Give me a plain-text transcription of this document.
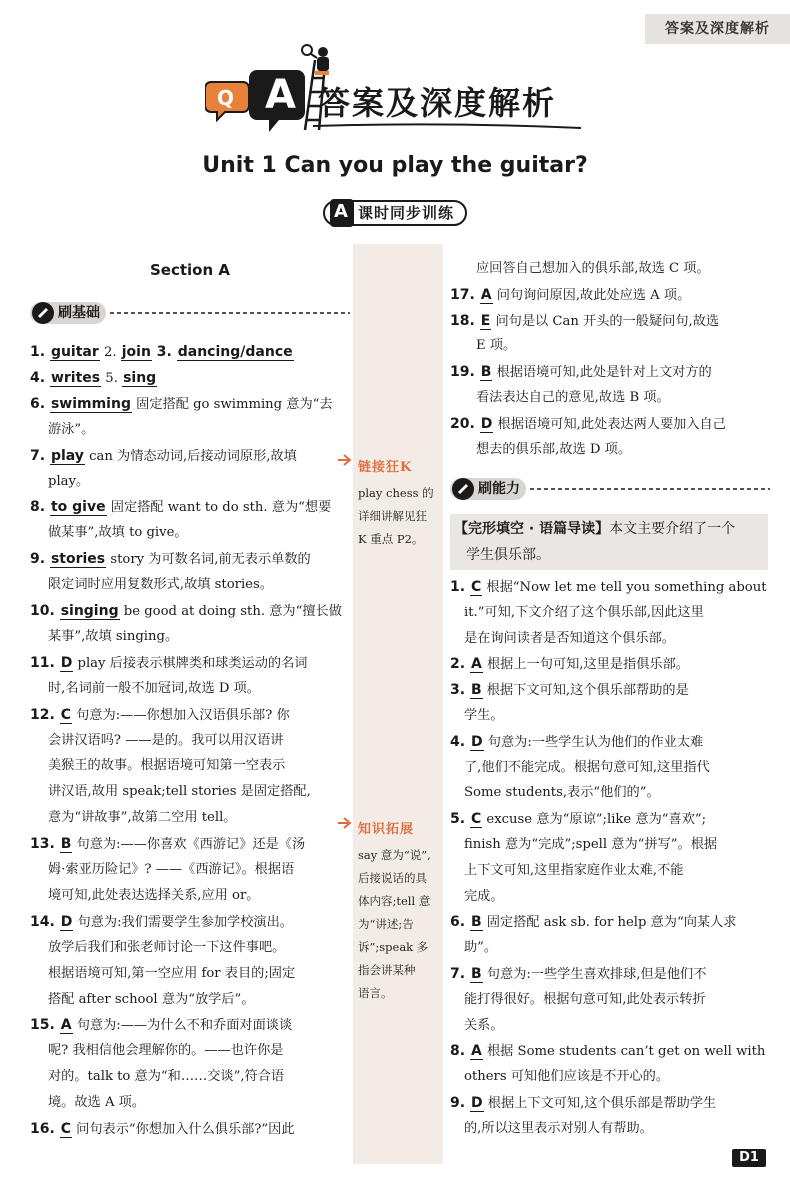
答案及深度解析
Q A 答案及深度解析
Unit 1 Can you play the guitar?
A 课时同步训练
Section A
刷基础
刷能力
链接狂K
play chess 的
详细讲解见狂
K 重点 P2。
知识拓展
say 意为“说”,
后接说话的具
体内容;tell 意
为“讲述;告
诉”;speak 多
指会讲某种
语言。
1. guitar 2. join 3. dancing/dance
4. writes 5. sing
6. swimming 固定搭配 go swimming 意为“去
游泳”。
7. play can 为情态动词,后接动词原形,故填
play。
8. to give 固定搭配 want to do sth. 意为“想要
做某事”,故填 to give。
9. stories story 为可数名词,前无表示单数的
限定词时应用复数形式,故填 stories。
10. singing be good at doing sth. 意为“擅长做
某事”,故填 singing。
11. D play 后接表示棋牌类和球类运动的名词
时,名词前一般不加冠词,故选 D 项。
12. C 句意为:——你想加入汉语俱乐部? 你
会讲汉语吗? ——是的。我可以用汉语讲
美猴王的故事。根据语境可知第一空表示
讲汉语,故用 speak;tell stories 是固定搭配,
意为“讲故事”,故第二空用 tell。
13. B 句意为:——你喜欢《西游记》还是《汤
姆·索亚历险记》? ——《西游记》。根据语
境可知,此处表达选择关系,应用 or。
14. D 句意为:我们需要学生参加学校演出。
放学后我们和张老师讨论一下这件事吧。
根据语境可知,第一空应用 for 表目的;固定
搭配 after school 意为“放学后”。
15. A 句意为:——为什么不和乔面对面谈谈
呢? 我相信他会理解你的。——也许你是
对的。talk to 意为“和……交谈”,符合语
境。故选 A 项。
16. C 问句表示“你想加入什么俱乐部?”因此
应回答自己想加入的俱乐部,故选 C 项。
17. A 问句询问原因,故此处应选 A 项。
18. E 问句是以 Can 开头的一般疑问句,故选
E 项。
19. B 根据语境可知,此处是针对上文对方的
看法表达自己的意见,故选 B 项。
20. D 根据语境可知,此处表达两人要加入自己
想去的俱乐部,故选 D 项。
1. C 根据“Now let me tell you something about
it.”可知,下文介绍了这个俱乐部,因此这里
是在询问读者是否知道这个俱乐部。
2. A 根据上一句可知,这里是指俱乐部。
3. B 根据下文可知,这个俱乐部帮助的是
学生。
4. D 句意为:一些学生认为他们的作业太难
了,他们不能完成。根据句意可知,这里指代
Some students,表示“他们的”。
5. C excuse 意为“原谅”;like 意为“喜欢”;
finish 意为“完成”;spell 意为“拼写”。根据
上下文可知,这里指家庭作业太难,不能
完成。
6. B 固定搭配 ask sb. for help 意为“向某人求
助”。
7. B 句意为:一些学生喜欢排球,但是他们不
能打得很好。根据句意可知,此处表示转折
关系。
8. A 根据 Some students can’t get on well with
others 可知他们应该是不开心的。
9. D 根据上下文可知,这个俱乐部是帮助学生
的,所以这里表示对别人有帮助。
【完形填空 · 语篇导读】本文主要介绍了一个
学生俱乐部。
D1
